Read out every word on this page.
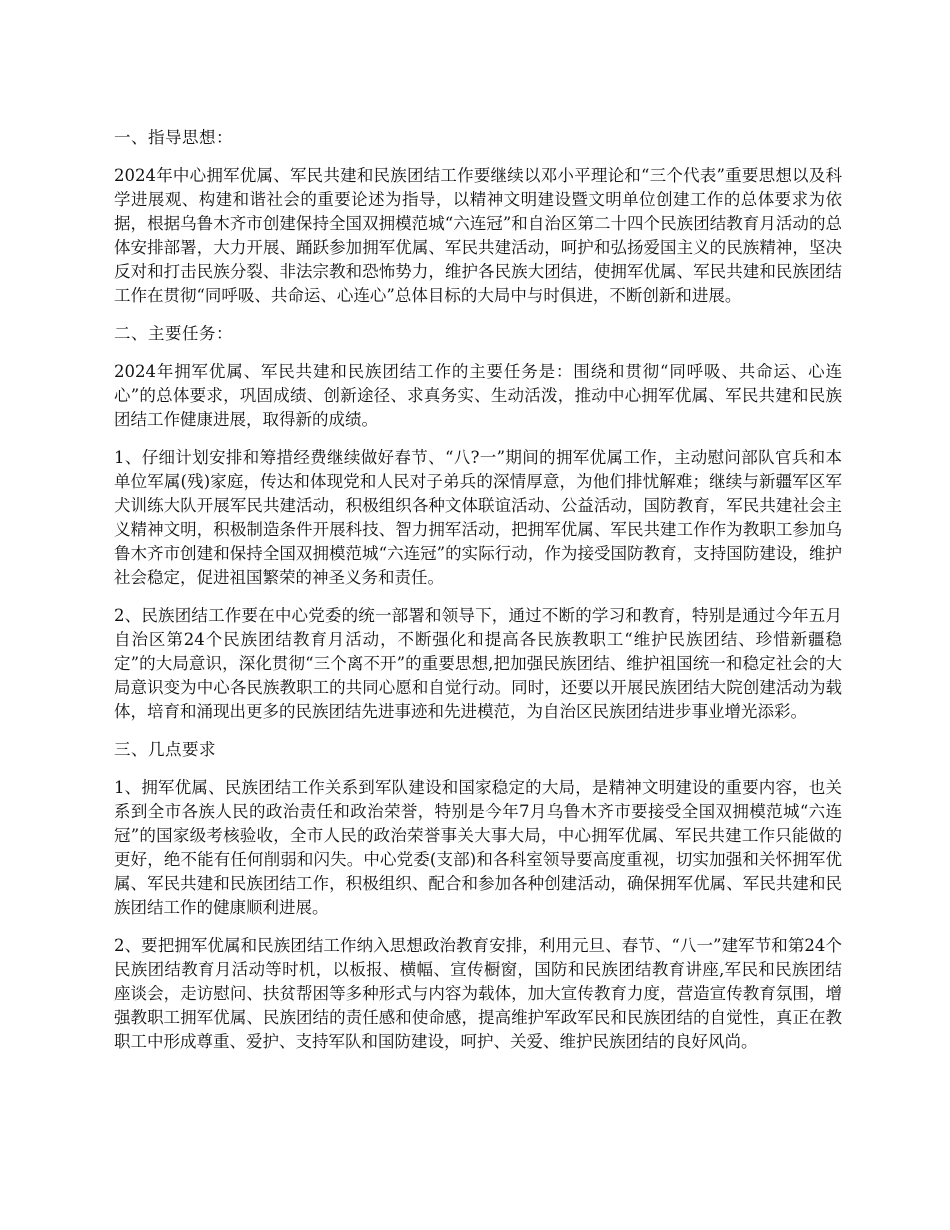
一、指导思想：

2024年中心拥军优属、军民共建和民族团结工作要继续以邓小平理论和“三个代表”重要思想以及科学进展观、构建和谐社会的重要论述为指导，以精神文明建设暨文明单位创建工作的总体要求为依据，根据乌鲁木齐市创建保持全国双拥模范城“六连冠”和自治区第二十四个民族团结教育月活动的总体安排部署，大力开展、踊跃参加拥军优属、军民共建活动，呵护和弘扬爱国主义的民族精神，坚决反对和打击民族分裂、非法宗教和恐怖势力，维护各民族大团结，使拥军优属、军民共建和民族团结工作在贯彻“同呼吸、共命运、心连心”总体目标的大局中与时俱进，不断创新和进展。

二、主要任务：

2024年拥军优属、军民共建和民族团结工作的主要任务是：围绕和贯彻“同呼吸、共命运、心连心”的总体要求，巩固成绩、创新途径、求真务实、生动活泼，推动中心拥军优属、军民共建和民族团结工作健康进展，取得新的成绩。

1、仔细计划安排和筹措经费继续做好春节、“八?一”期间的拥军优属工作，主动慰问部队官兵和本单位军属(残)家庭，传达和体现党和人民对子弟兵的深情厚意，为他们排忧解难；继续与新疆军区军犬训练大队开展军民共建活动，积极组织各种文体联谊活动、公益活动，国防教育，军民共建社会主义精神文明，积极制造条件开展科技、智力拥军活动，把拥军优属、军民共建工作作为教职工参加乌鲁木齐市创建和保持全国双拥模范城“六连冠”的实际行动，作为接受国防教育，支持国防建设，维护社会稳定，促进祖国繁荣的神圣义务和责任。

2、民族团结工作要在中心党委的统一部署和领导下，通过不断的学习和教育，特别是通过今年五月自治区第24个民族团结教育月活动，不断强化和提高各民族教职工“维护民族团结、珍惜新疆稳定”的大局意识，深化贯彻“三个离不开”的重要思想,把加强民族团结、维护祖国统一和稳定社会的大局意识变为中心各民族教职工的共同心愿和自觉行动。同时，还要以开展民族团结大院创建活动为载体，培育和涌现出更多的民族团结先进事迹和先进模范，为自治区民族团结进步事业增光添彩。

三、几点要求

1、拥军优属、民族团结工作关系到军队建设和国家稳定的大局，是精神文明建设的重要内容，也关系到全市各族人民的政治责任和政治荣誉，特别是今年7月乌鲁木齐市要接受全国双拥模范城“六连冠”的国家级考核验收，全市人民的政治荣誉事关大事大局，中心拥军优属、军民共建工作只能做的更好，绝不能有任何削弱和闪失。中心党委(支部)和各科室领导要高度重视，切实加强和关怀拥军优属、军民共建和民族团结工作，积极组织、配合和参加各种创建活动，确保拥军优属、军民共建和民族团结工作的健康顺利进展。

2、要把拥军优属和民族团结工作纳入思想政治教育安排，利用元旦、春节、“八一”建军节和第24个民族团结教育月活动等时机，以板报、横幅、宣传橱窗，国防和民族团结教育讲座,军民和民族团结座谈会，走访慰问、扶贫帮困等多种形式与内容为载体，加大宣传教育力度，营造宣传教育氛围，增强教职工拥军优属、民族团结的责任感和使命感，提高维护军政军民和民族团结的自觉性，真正在教职工中形成尊重、爱护、支持军队和国防建设，呵护、关爱、维护民族团结的良好风尚。
